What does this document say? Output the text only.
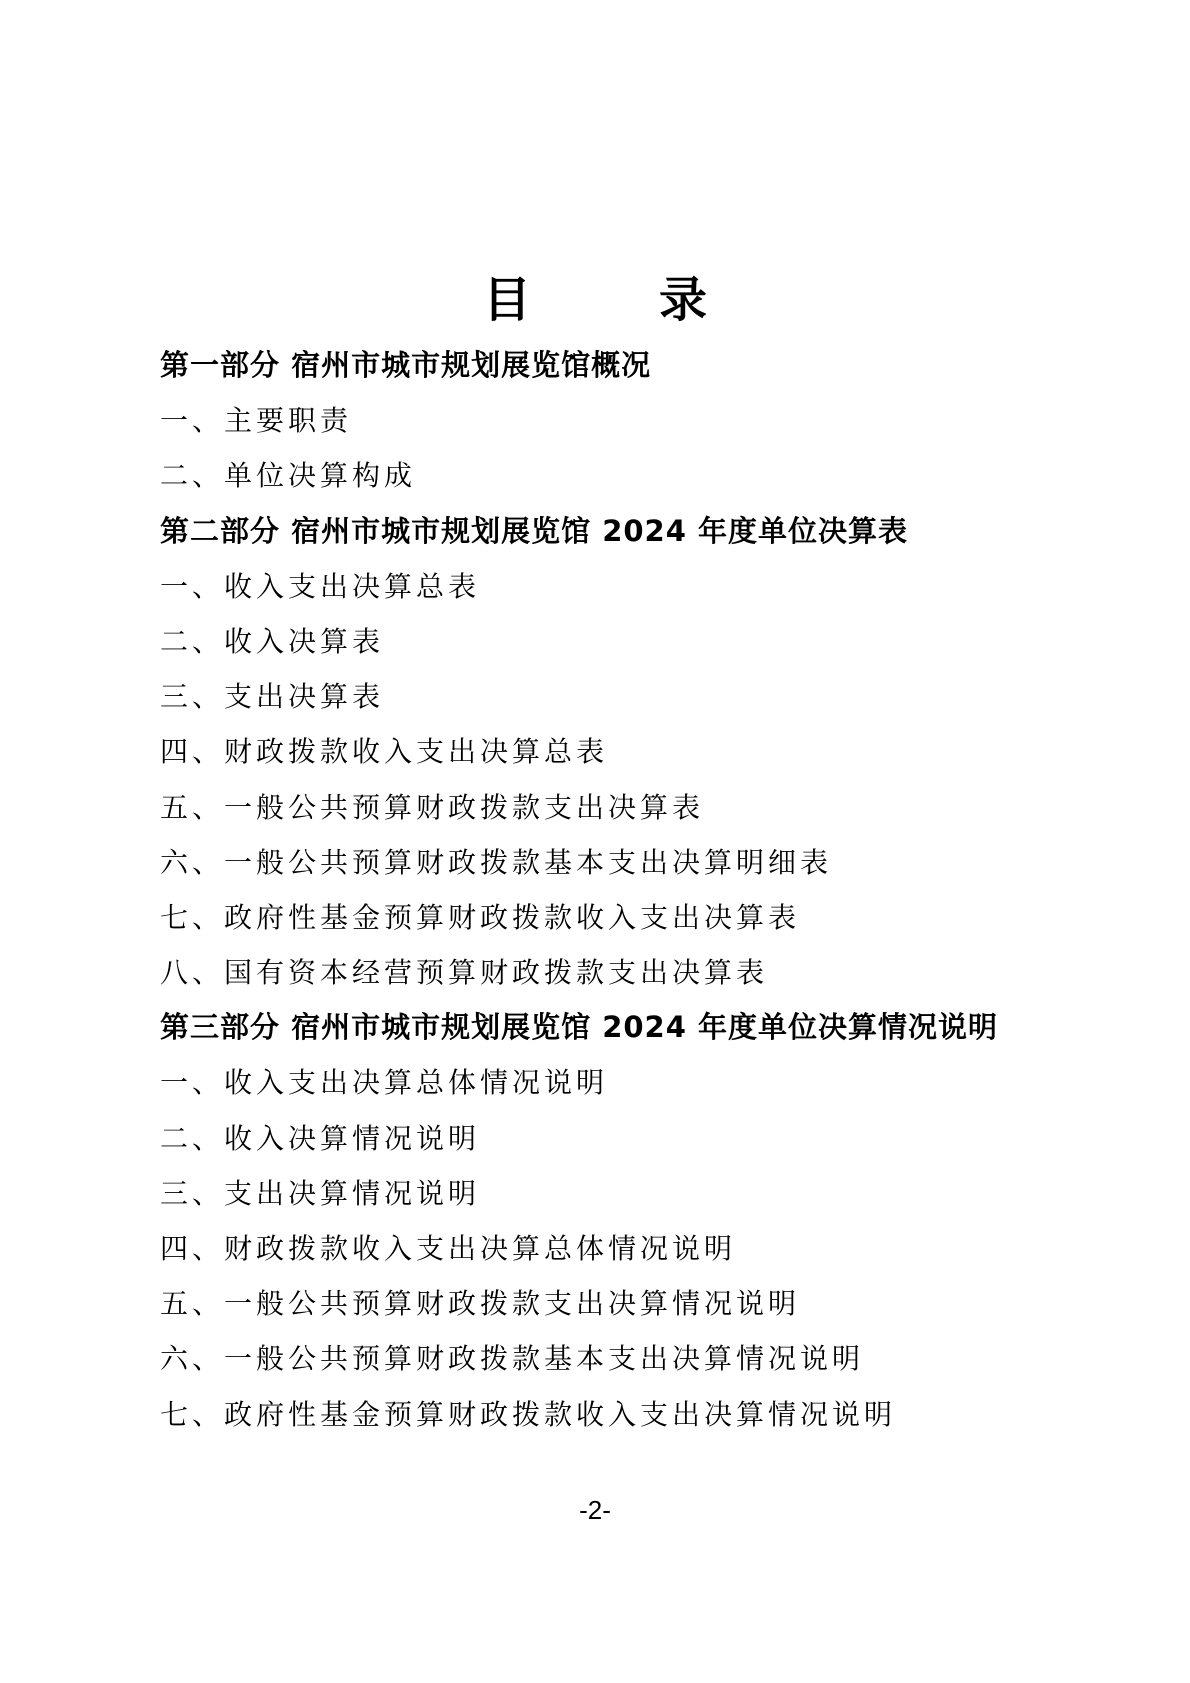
目　录
第一部分 宿州市城市规划展览馆概况
一、主要职责
二、单位决算构成
第二部分 宿州市城市规划展览馆 2024 年度单位决算表
一、收入支出决算总表
二、收入决算表
三、支出决算表
四、财政拨款收入支出决算总表
五、一般公共预算财政拨款支出决算表
六、一般公共预算财政拨款基本支出决算明细表
七、政府性基金预算财政拨款收入支出决算表
八、国有资本经营预算财政拨款支出决算表
第三部分 宿州市城市规划展览馆 2024 年度单位决算情况说明
一、收入支出决算总体情况说明
二、收入决算情况说明
三、支出决算情况说明
四、财政拨款收入支出决算总体情况说明
五、一般公共预算财政拨款支出决算情况说明
六、一般公共预算财政拨款基本支出决算情况说明
七、政府性基金预算财政拨款收入支出决算情况说明
-2-
